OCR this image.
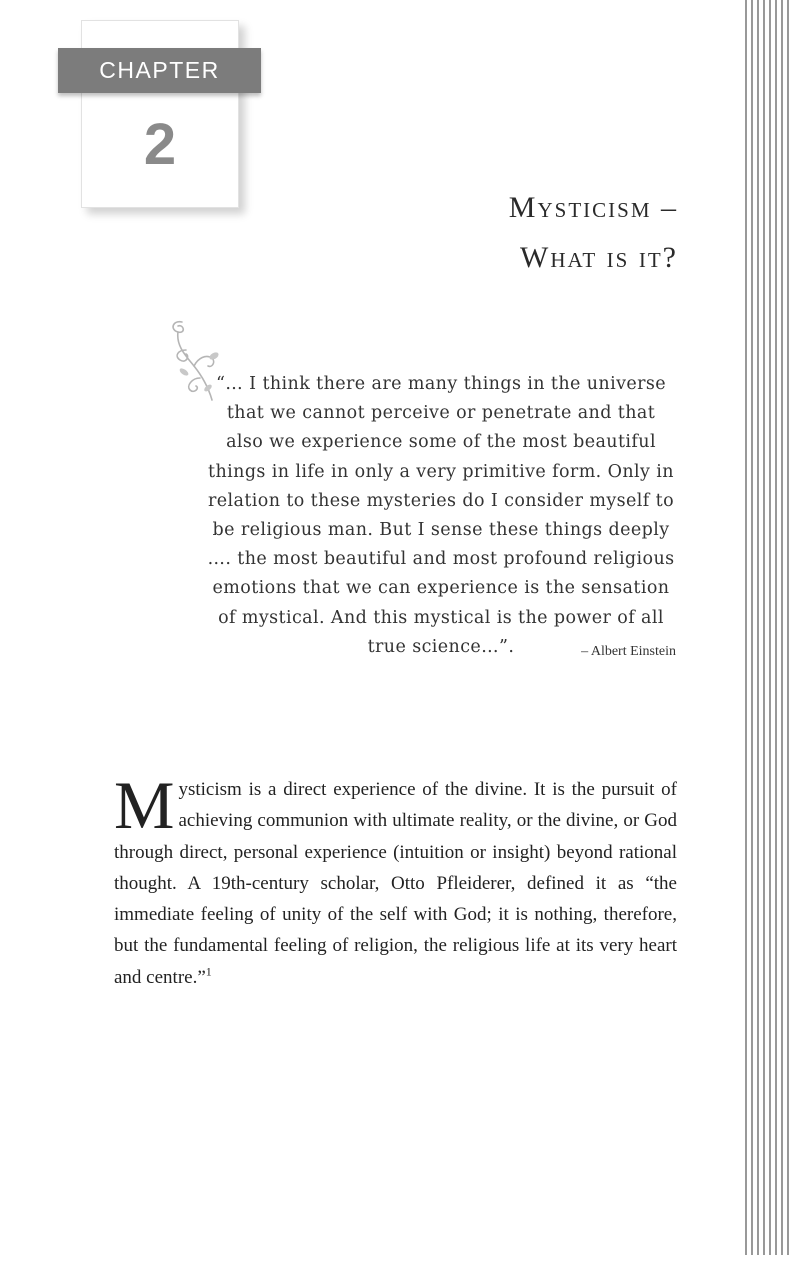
CHAPTER
2
Mysticism –
What is it?
“… I think there are many things in the universe that we cannot perceive or penetrate and that also we experience some of the most beautiful things in life in only a very primitive form. Only in relation to these mysteries do I consider myself to be religious man. But I sense these things deeply …. the most beautiful and most profound religious emotions that we can experience is the sensation of mystical. And this mystical is the power of all true science…”.	– Albert Einstein
Mysticism is a direct experience of the divine. It is the pursuit of achieving communion with ultimate reality, or the divine, or God through direct, personal experience (intuition or insight) beyond rational thought. A 19th-century scholar, Otto Pfleiderer, defined it as “the immediate feeling of unity of the self with God; it is nothing, therefore, but the fundamental feeling of religion, the religious life at its very heart and centre.”$^1$
